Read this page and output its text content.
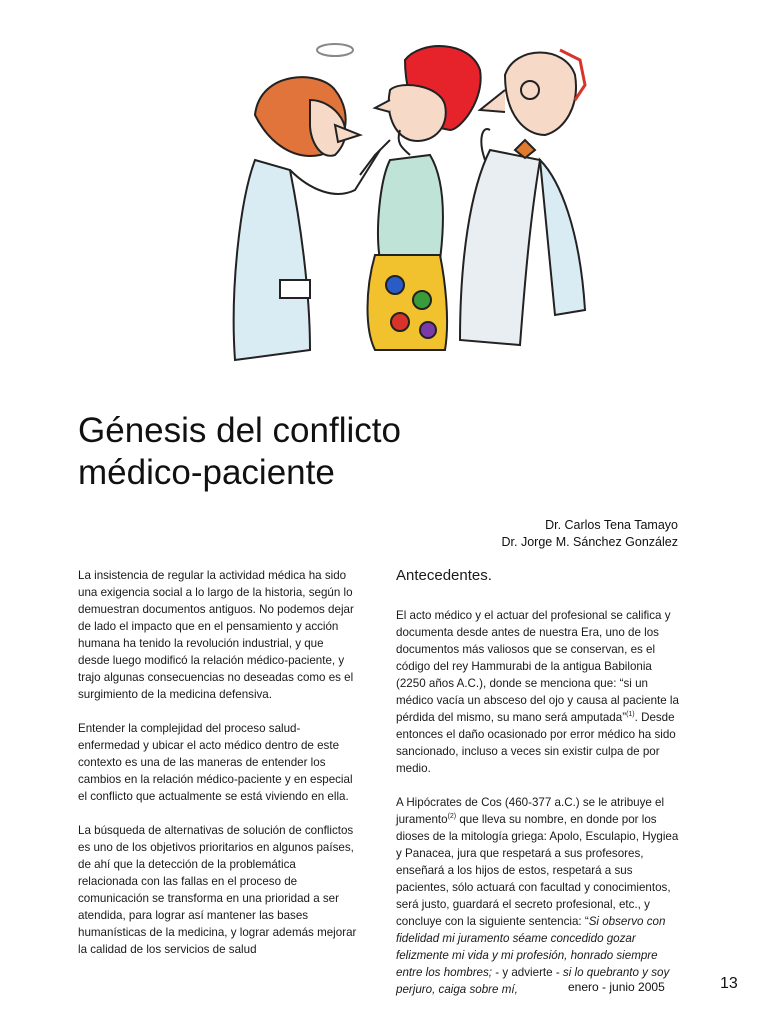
Génesis del conflicto
médico-paciente
Dr. Carlos Tena Tamayo
Dr. Jorge M. Sánchez González

La insistencia de regular la actividad médica ha sido una exigencia social a lo largo de la historia, según lo demuestran documentos antiguos. No podemos dejar de lado el impacto que en el pensamiento y acción humana ha tenido la revolución industrial, y que desde luego modificó la relación médico-paciente, y trajo algunas consecuencias no deseadas como es el surgimiento de la medicina defensiva.

Entender la complejidad del proceso salud-enfermedad y ubicar el acto médico dentro de este contexto es una de las maneras de entender los cambios en la relación médico-paciente y en especial el conflicto que actualmente se está viviendo en ella.

La búsqueda de alternativas de solución de conflictos es uno de los objetivos prioritarios en algunos países, de ahí que la detección de la problemática relacionada con las fallas en el proceso de comunicación se transforma en una prioridad a ser atendida, para lograr así mantener las bases humanísticas de la medicina, y lograr además mejorar la calidad de los servicios de salud

Antecedentes.

El acto médico y el actuar del profesional se califica y documenta desde antes de nuestra Era, uno de los documentos más valiosos que se conservan, es el código del rey Hammurabi de la antigua Babilonia (2250 años A.C.), donde se menciona que: “si un médico vacía un absceso del ojo y causa al paciente la pérdida del mismo, su mano será amputada”$^{(1)}$. Desde entonces el daño ocasionado por error médico ha sido sancionado, incluso a veces sin existir culpa de por medio.

A Hipócrates de Cos (460-377 a.C.) se le atribuye el juramento$^{(2)}$ que lleva su nombre, en donde por los dioses de la mitología griega: Apolo, Esculapio, Hygiea y Panacea, jura que respetará a sus profesores, enseñará a los hijos de estos, respetará a sus pacientes, sólo actuará con facultad y conocimientos, será justo, guardará el secreto profesional, etc., y concluye con la siguiente sentencia: “Si observo con fidelidad mi juramento séame concedido gozar felizmente mi vida y mi profesión, honrado siempre entre los hombres; - y advierte - si lo quebranto y soy perjuro, caiga sobre mí,	enero - junio 2005	13
